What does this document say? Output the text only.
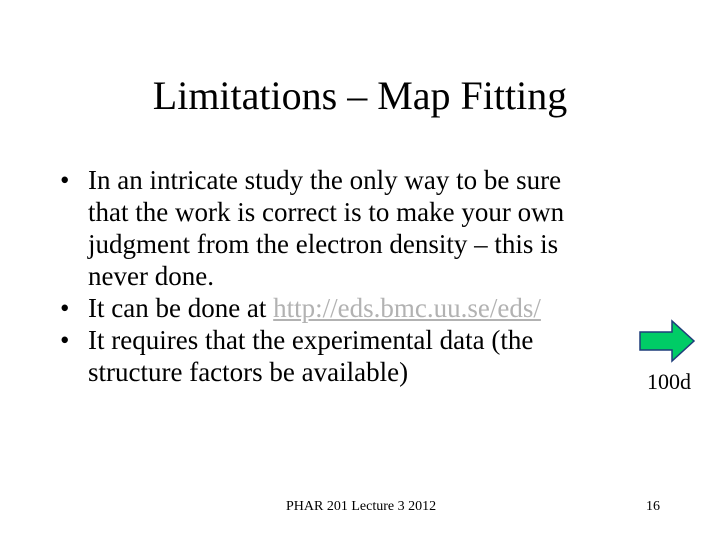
Limitations – Map Fitting
• In an intricate study the only way to be sure
that the work is correct is to make your own
judgment from the electron density – this is
never done.
• It can be done at http://eds.bmc.uu.se/eds/
• It requires that the experimental data (the
structure factors be available)	100d
PHAR 201 Lecture 3 2012	16
